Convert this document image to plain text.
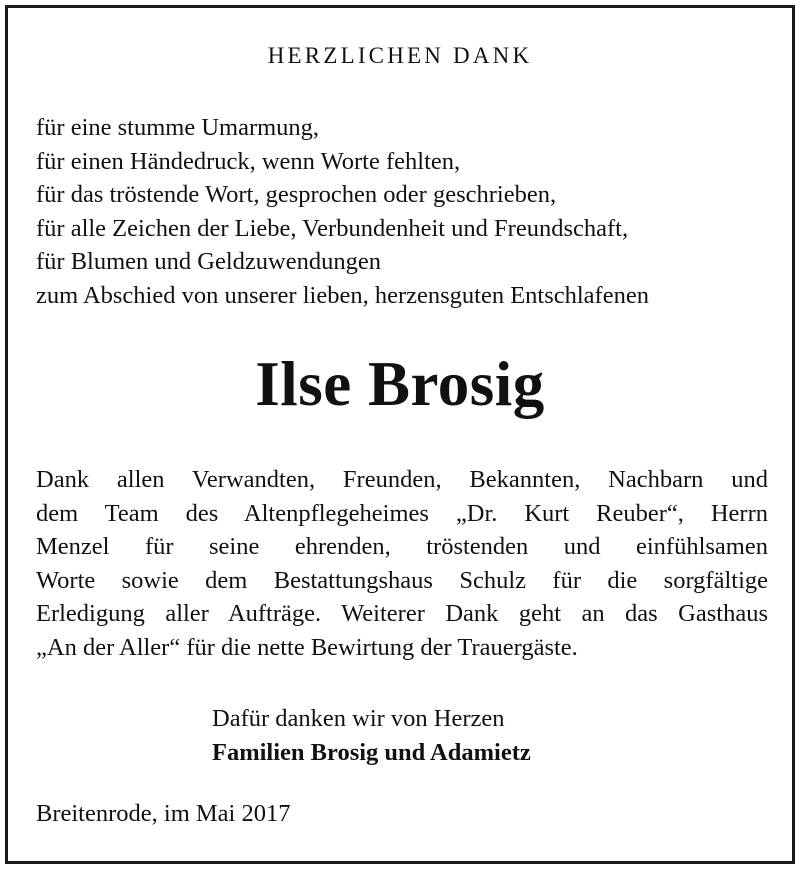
HERZLICHEN DANK
für eine stumme Umarmung,
für einen Händedruck, wenn Worte fehlten,
für das tröstende Wort, gesprochen oder geschrieben,
für alle Zeichen der Liebe, Verbundenheit und Freundschaft,
für Blumen und Geldzuwendungen
zum Abschied von unserer lieben, herzensguten Entschlafenen
Ilse Brosig
Dank allen Verwandten, Freunden, Bekannten, Nachbarn und
dem Team des Altenpflegeheimes „Dr. Kurt Reuber“, Herrn
Menzel für seine ehrenden, tröstenden und einfühlsamen
Worte sowie dem Bestattungshaus Schulz für die sorgfältige
Erledigung aller Aufträge. Weiterer Dank geht an das Gasthaus
„An der Aller“ für die nette Bewirtung der Trauergäste.
Dafür danken wir von Herzen
Familien Brosig und Adamietz
Breitenrode, im Mai 2017
